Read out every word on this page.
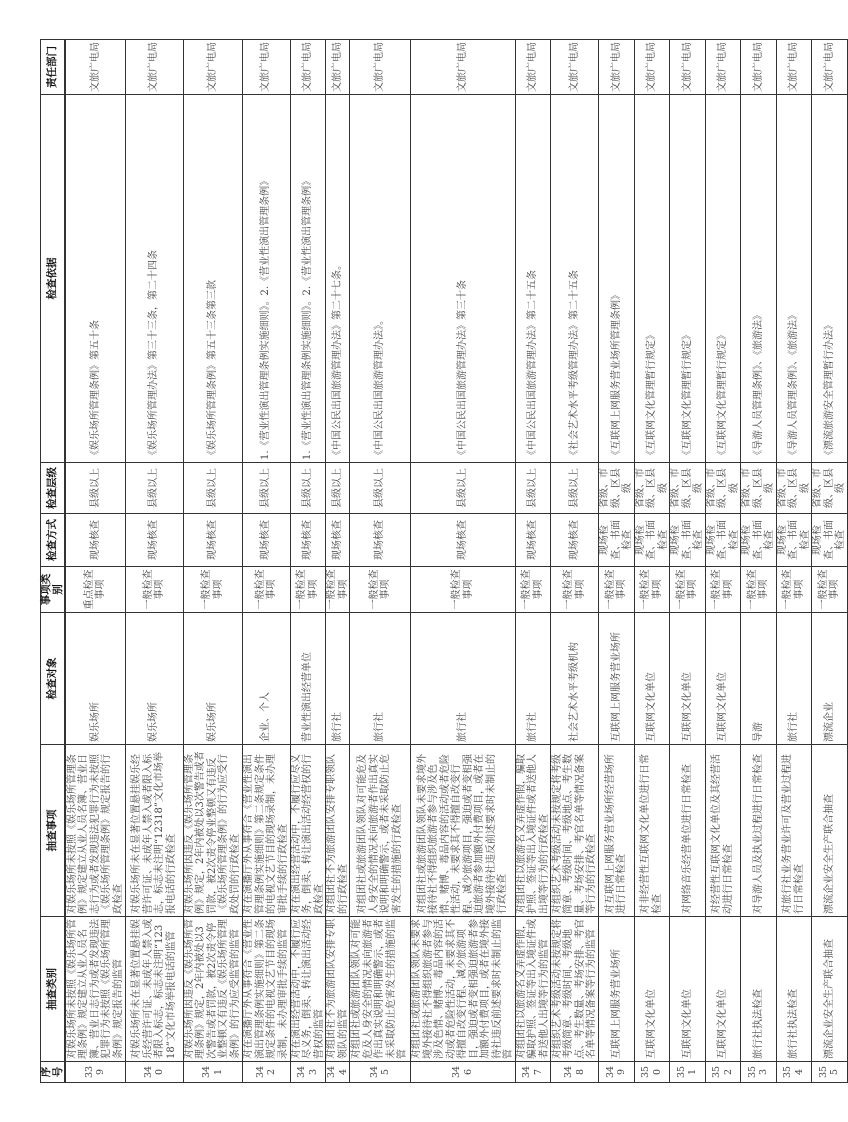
序号	抽查类别	抽查事项	检查对象	事项类别	检查方式	检查层级	检查依据	责任部门
339	对娱乐场所未按照《娱乐场所管理条例》规定建立从业人员名簿、营业日志行为或者发现违法犯罪行为未按照《娱乐场所管理条例》规定报告的监管	对娱乐场所未按照《娱乐场所管理条例》规定建立从业人员名簿、营业日志行为或者发现违法犯罪行为未按照《娱乐场所管理条例》规定报告的行政检查	娱乐场所	重点检查事项	现场核查	县级以上	《娱乐场所管理条例》第五十条	文旅广电局
340	对娱乐场所未在显著位置悬挂娱乐经营许可证、未成年人禁入或者限入标志，标志未注明“12318”文化市场举报电话的监管	对娱乐场所未在显著位置悬挂娱乐经营许可证、未成年人禁入或者限入标志，标志未注明“12318”文化市场举报电话的行政检查	娱乐场所	一般检查事项	现场核查	县级以上	《娱乐场所管理办法》第三十三条，第二十四条	文旅广电局
341	对娱乐场所因违反《娱乐场所管理条例》规定，2年内被处以3次警告或者罚款，被2次责令停业整顿又有违反《娱乐场所管理条例》的行为应受监管的监管	对娱乐场所因违反《娱乐场所管理条例》规定，2年内被处以3次警告或者罚款，被2次责令停业整顿又有违反《娱乐场所管理条例》的行为应受行政处罚的行政检查	娱乐场所	一般检查事项	现场核查	县级以上	《娱乐场所管理条例》第五十三条第三款	文旅广电局
342	对在演播厅外从事符合《营业性演出管理条例实施细则》第二条规定条件的电视文艺节目的现场录制，未办理审批手续的监管	对在演播厅外从事符合《营业性演出管理条例实施细则》第二条规定条件的电视文艺节目的现场录制，未办理审批手续的行政检查	企业、个人	一般检查事项	现场核查	县级以上	1.《营业性演出管理条例实施细则》。2.《营业性演出管理条例》	文旅广电局
343	对在演出经营活动中，不履行应尽义务，倒卖、转让演出活动经营权的监管	对在演出经营活动中，不履行应尽义务，倒卖、转让演出活动经营权的行政检查	营业性演出经营单位	一般检查事项	现场核查	县级以上	1.《营业性演出管理条例实施细则》。2.《营业性演出管理条例》	文旅广电局
344	对组团社不为旅游团队安排专职领队的监管	对组团社不为旅游团队安排专职领队的行政检查	旅行社	一般检查事项	现场核查	县级以上	《中国公民出国旅游管理办法》第二十七条。	文旅广电局
345	对组团社或旅游团队领队对可能危及人身安全的情况未向旅游者作出真实说明和明确警示，或者未采取防止危害发生的措施的监管	对组团社或旅游团队领队对可能危及人身安全的情况未向旅游者作出真实说明和明确警示，或者未采取防止危害发生的措施的行政检查	旅行社	一般检查事项	现场核查	县级以上	《中国公民出国旅游管理办法》。	文旅广电局
346	对组团社或旅游团队领队未要求境外接待社不得组织旅游者参与涉及色情、赌博、毒品内容的活动或者危险性活动，未要求其不得擅自改变行程、减少旅游项目，强迫或者变相强迫旅游者参加额外付费项目，或者在境外接待社违反前述要求时未制止的监管	对组团社或旅游团队领队未要求境外接待社不得组织旅游者参与涉及色情、赌博、毒品内容的活动或者危险性活动，未要求其不得擅自改变行程、减少旅游项目，强迫或者变相强迫旅游者参加额外付费项目，或者在境外接待社违反前述要求时未制止的行政检查	旅行社	一般检查事项	现场核查	县级以上	《中国公民出国旅游管理办法》第三十条	文旅广电局
347	对组团社以旅游名义弄虚作假，骗取护照、签证等出入境证件或者送他人出境等行为的监管	对组团社以旅游名义弄虚作假，骗取护照、签证等出入境证件或者送他人出境等行为的行政检查	旅行社	一般检查事项	现场核查	县级以上	《中国公民出国旅游管理办法》第二十五条	文旅广电局
348	对组织艺术考级活动未按规定将考级简章、考级时间、考级地点、考生数量、考场安排、考官名单等情况备案等行为的监管	对组织艺术考级活动未按规定将考级简章、考级时间、考级地点、考生数量、考场安排、考官名单等情况备案等行为的行政检查	社会艺术水平考级机构	一般检查事项	现场核查	县级以上	《社会艺术水平考级管理办法》第二十五条	文旅广电局
349	互联网上网服务营业场所	对互联网上网服务营业场所经营场所进行日常检查	互联网上网服务营业场所	一般检查事项	现场检查、书面检查	省级、市级、区县级	《互联网上网服务营业场所管理条例》	文旅广电局
350	互联网文化单位	对非经营性互联网文化单位进行日常检查	互联网文化单位	一般检查事项	现场检查、书面检查	省级、市级、区县级	《互联网文化管理暂行规定》	文旅广电局
351	互联网文化单位	对网络音乐经营单位进行日常检查	互联网文化单位	一般检查事项	现场检查、书面检查	省级、市级、区县级	《互联网文化管理暂行规定》	文旅广电局
352	互联网文化单位	对经营性互联网文化单位及其经营活动进行日常检查	互联网文化单位	一般检查事项	现场检查、书面检查	省级、市级、区县级	《互联网文化管理暂行规定》	文旅广电局
353	旅行社执法检查	对导游人员及执业过程进行日常检查	导游	一般检查事项	现场检查、书面检查	省级、市级、区县级	《导游人员管理条例》、《旅游法》	文旅广电局
354	旅行社执法检查	对旅行社业务营业许可及营业过程进行日常检查	旅行社	一般检查事项	现场检查、书面检查	省级、市级、区县级	《导游人员管理条例》、《旅游法》	文旅广电局
355	漂流企业安全生产联合抽查	漂流企业安全生产联合抽查	漂流企业	一般检查事项	现场检查、书面检查	省级、市级、区县级	《漂流旅游安全管理暂行办法》	文旅广电局
